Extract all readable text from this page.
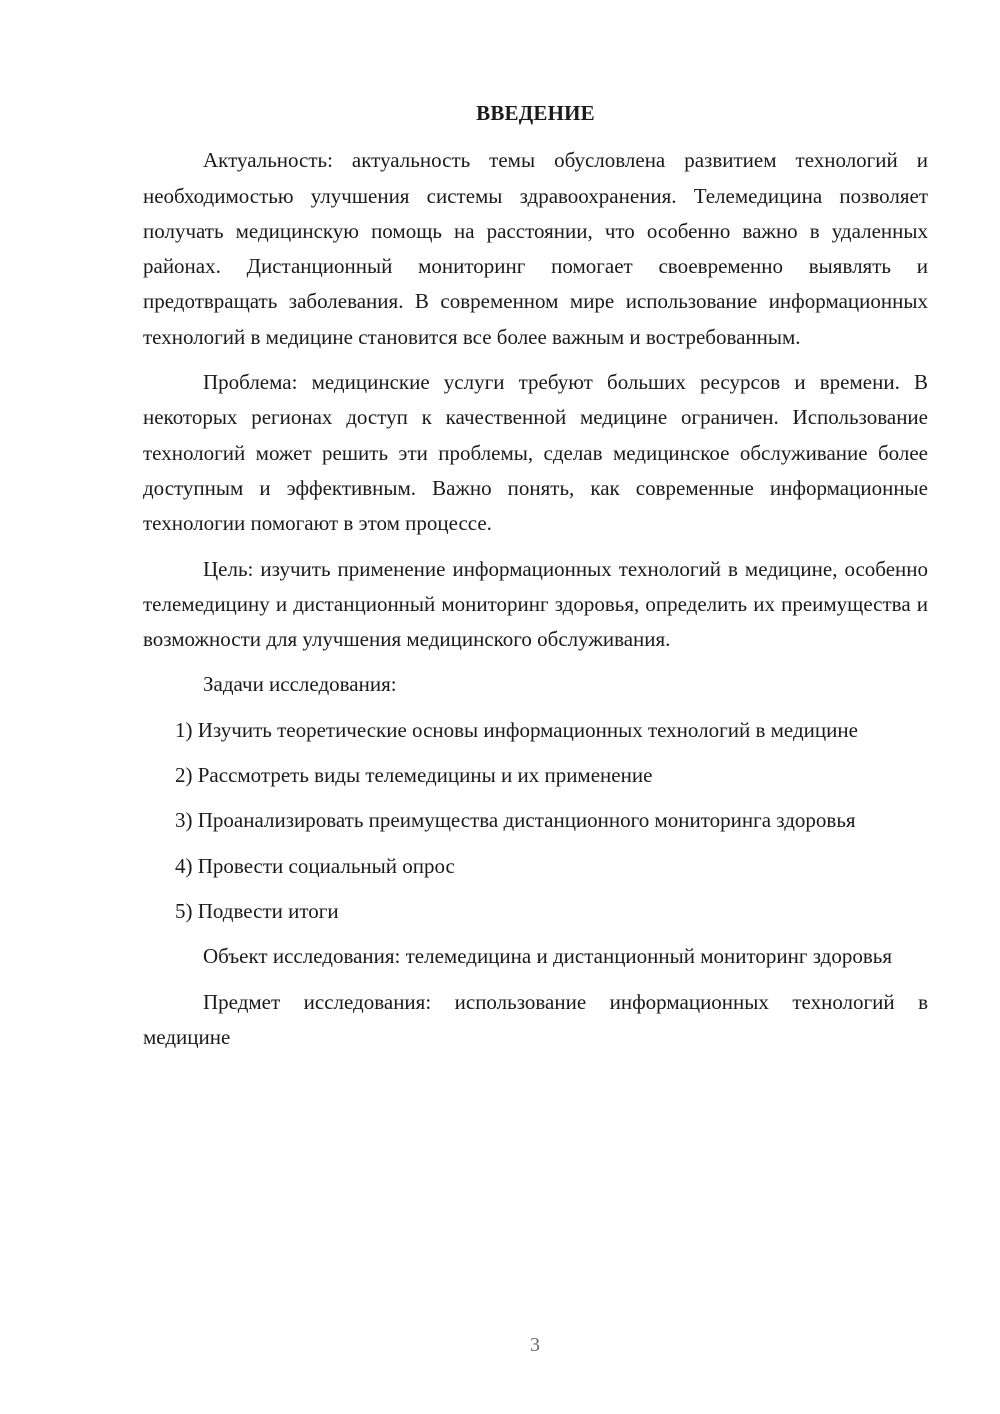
ВВЕДЕНИЕ

Актуальность: актуальность темы обусловлена развитием технологий и необходимостью улучшения системы здравоохранения. Телемедицина позволяет получать медицинскую помощь на расстоянии, что особенно важно в удаленных районах. Дистанционный мониторинг помогает своевременно выявлять и предотвращать заболевания. В современном мире использование информационных технологий в медицине становится все более важным и востребованным.

Проблема: медицинские услуги требуют больших ресурсов и времени. В некоторых регионах доступ к качественной медицине ограничен. Использование технологий может решить эти проблемы, сделав медицинское обслуживание более доступным и эффективным. Важно понять, как современные информационные технологии помогают в этом процессе.

Цель: изучить применение информационных технологий в медицине, особенно телемедицину и дистанционный мониторинг здоровья, определить их преимущества и возможности для улучшения медицинского обслуживания.

Задачи исследования:

1) Изучить теоретические основы информационных технологий в медицине

2) Рассмотреть виды телемедицины и их применение

3) Проанализировать преимущества дистанционного мониторинга здоровья

4) Провести социальный опрос

5) Подвести итоги

Объект исследования: телемедицина и дистанционный мониторинг здоровья

Предмет исследования: использование информационных технологий в медицине

3
